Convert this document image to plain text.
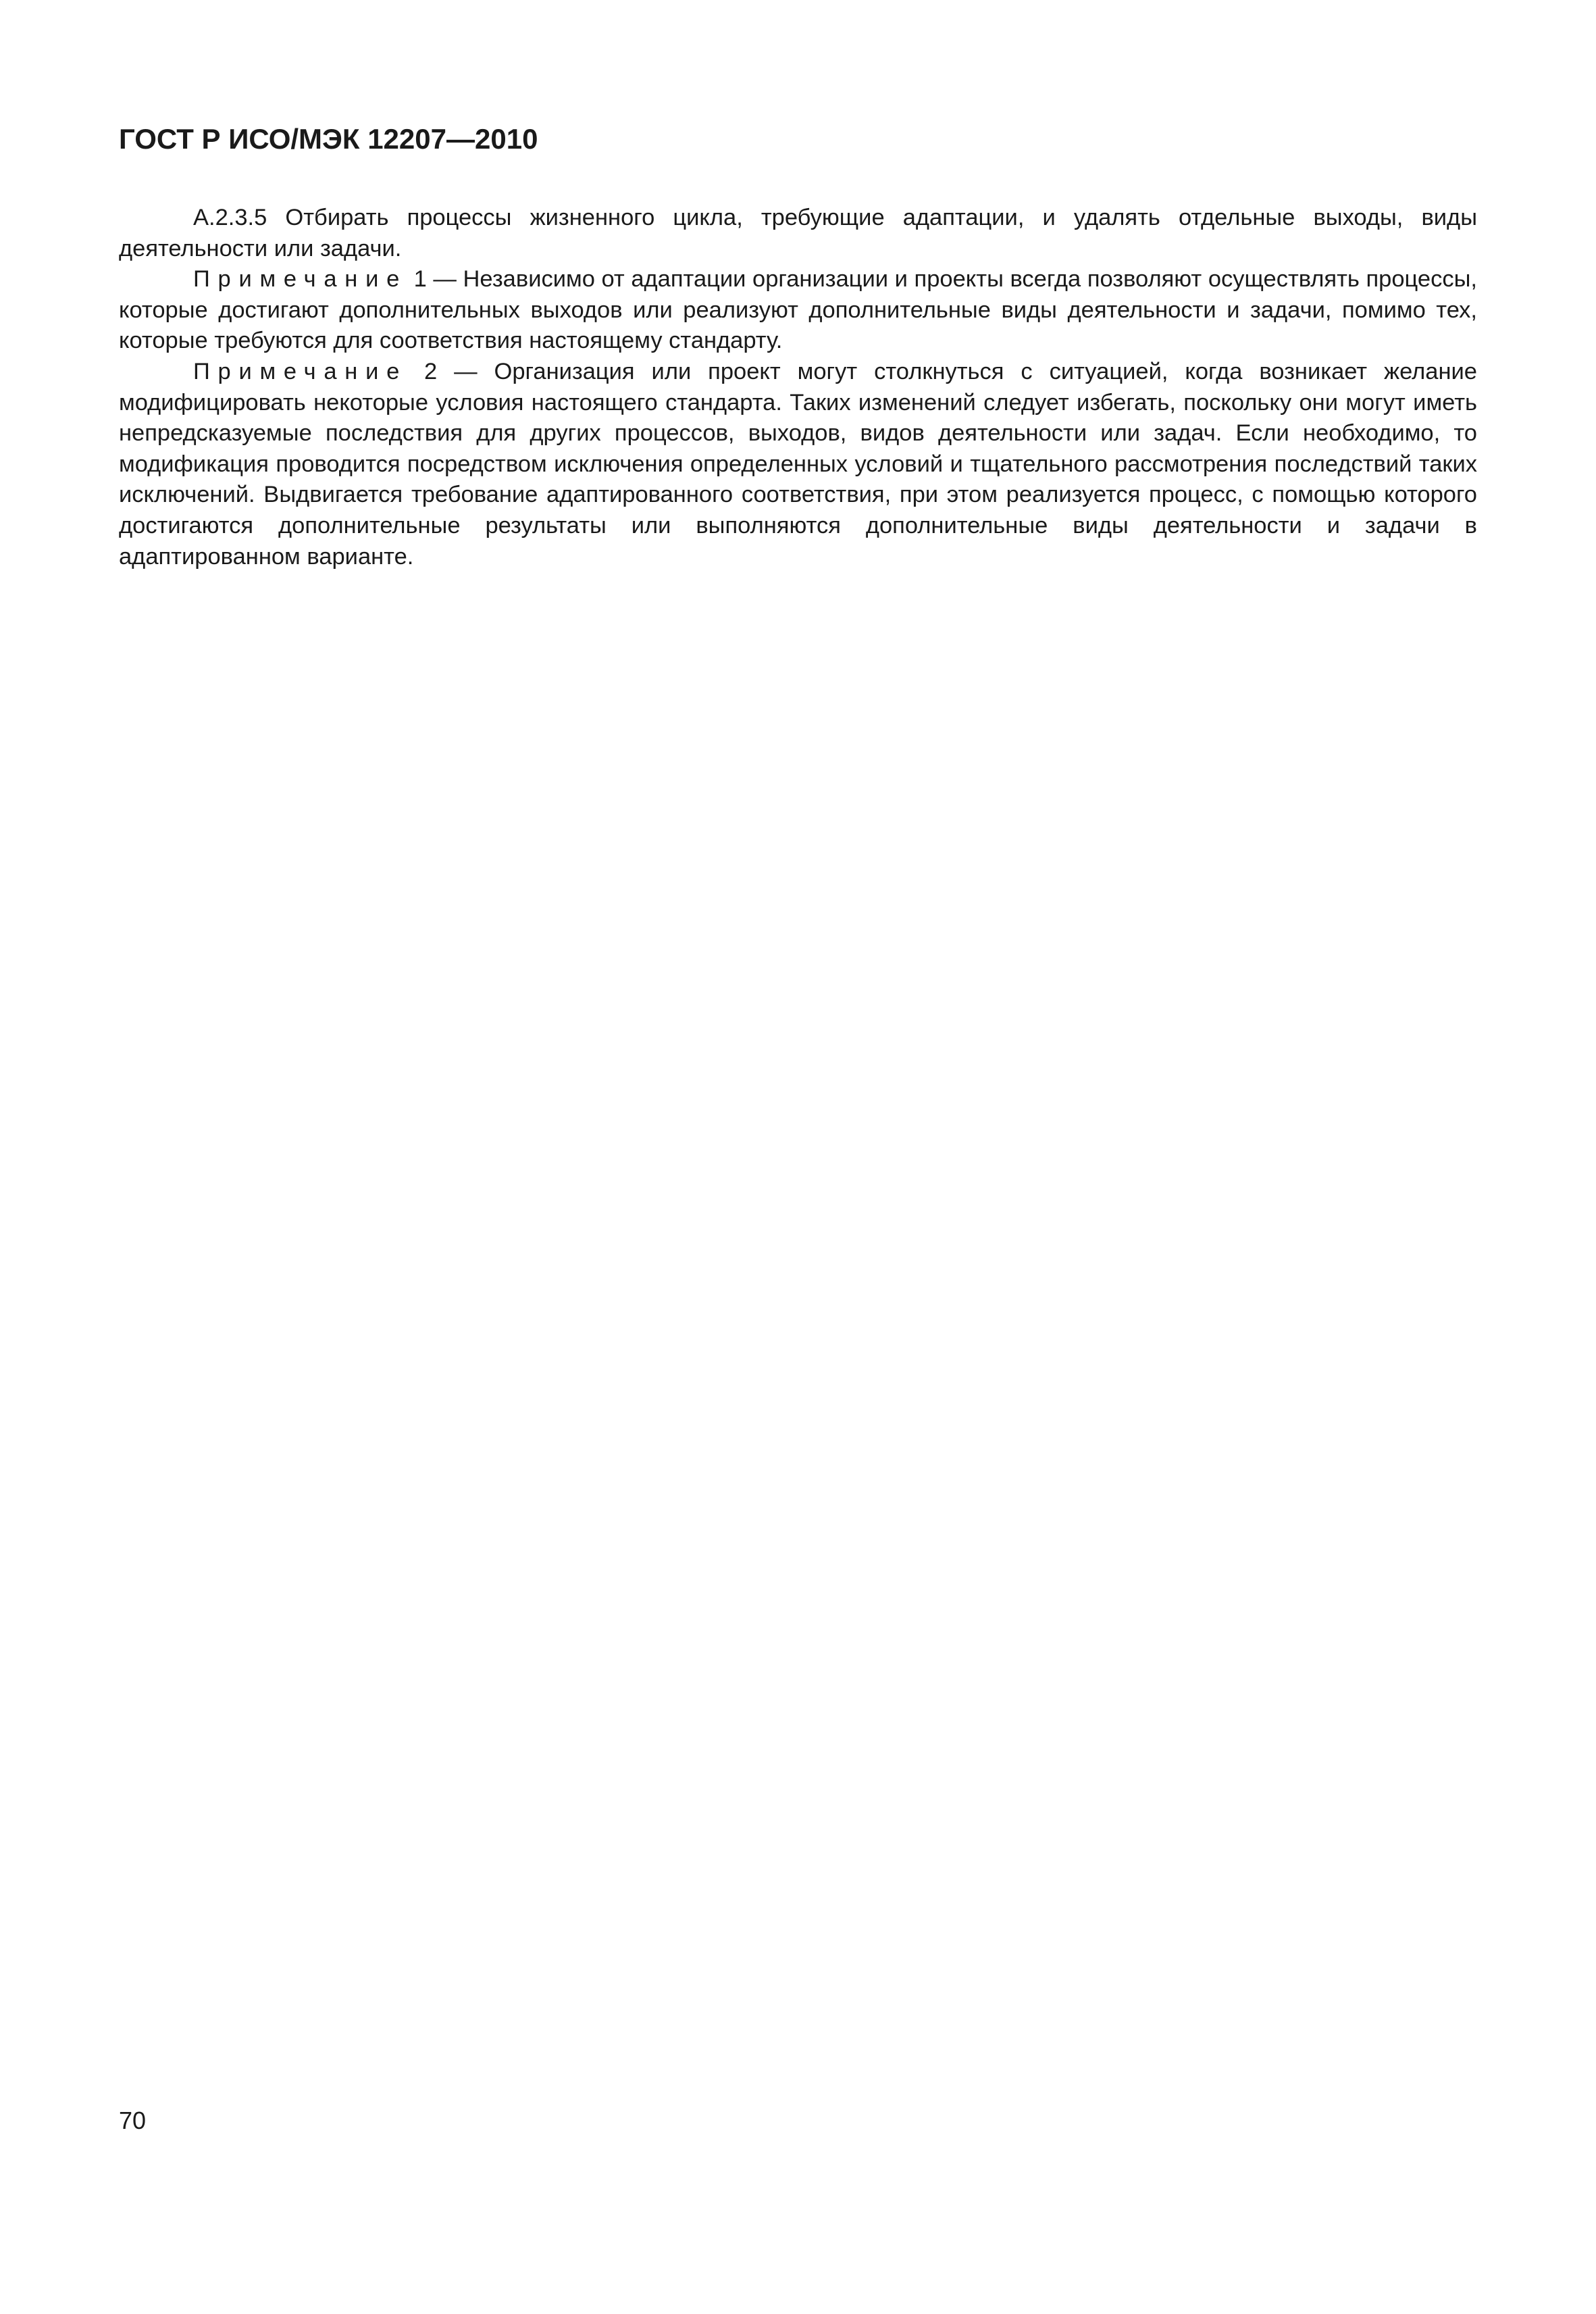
ГОСТ Р ИСО/МЭК 12207—2010

А.2.3.5 Отбирать процессы жизненного цикла, требующие адаптации, и удалять отдельные выходы, виды деятельности или задачи.

Примечание 1 — Независимо от адаптации организации и проекты всегда позволяют осуществлять процессы, которые достигают дополнительных выходов или реализуют дополнительные виды деятельности и задачи, помимо тех, которые требуются для соответствия настоящему стандарту.

Примечание 2 — Организация или проект могут столкнуться с ситуацией, когда возникает желание модифицировать некоторые условия настоящего стандарта. Таких изменений следует избегать, поскольку они могут иметь непредсказуемые последствия для других процессов, выходов, видов деятельности или задач. Если необходимо, то модификация проводится посредством исключения определенных условий и тщательного рассмотрения последствий таких исключений. Выдвигается требование адаптированного соответствия, при этом реализуется процесс, с помощью которого достигаются дополнительные результаты или выполняются дополнительные виды деятельности и задачи в адаптированном варианте.

70
